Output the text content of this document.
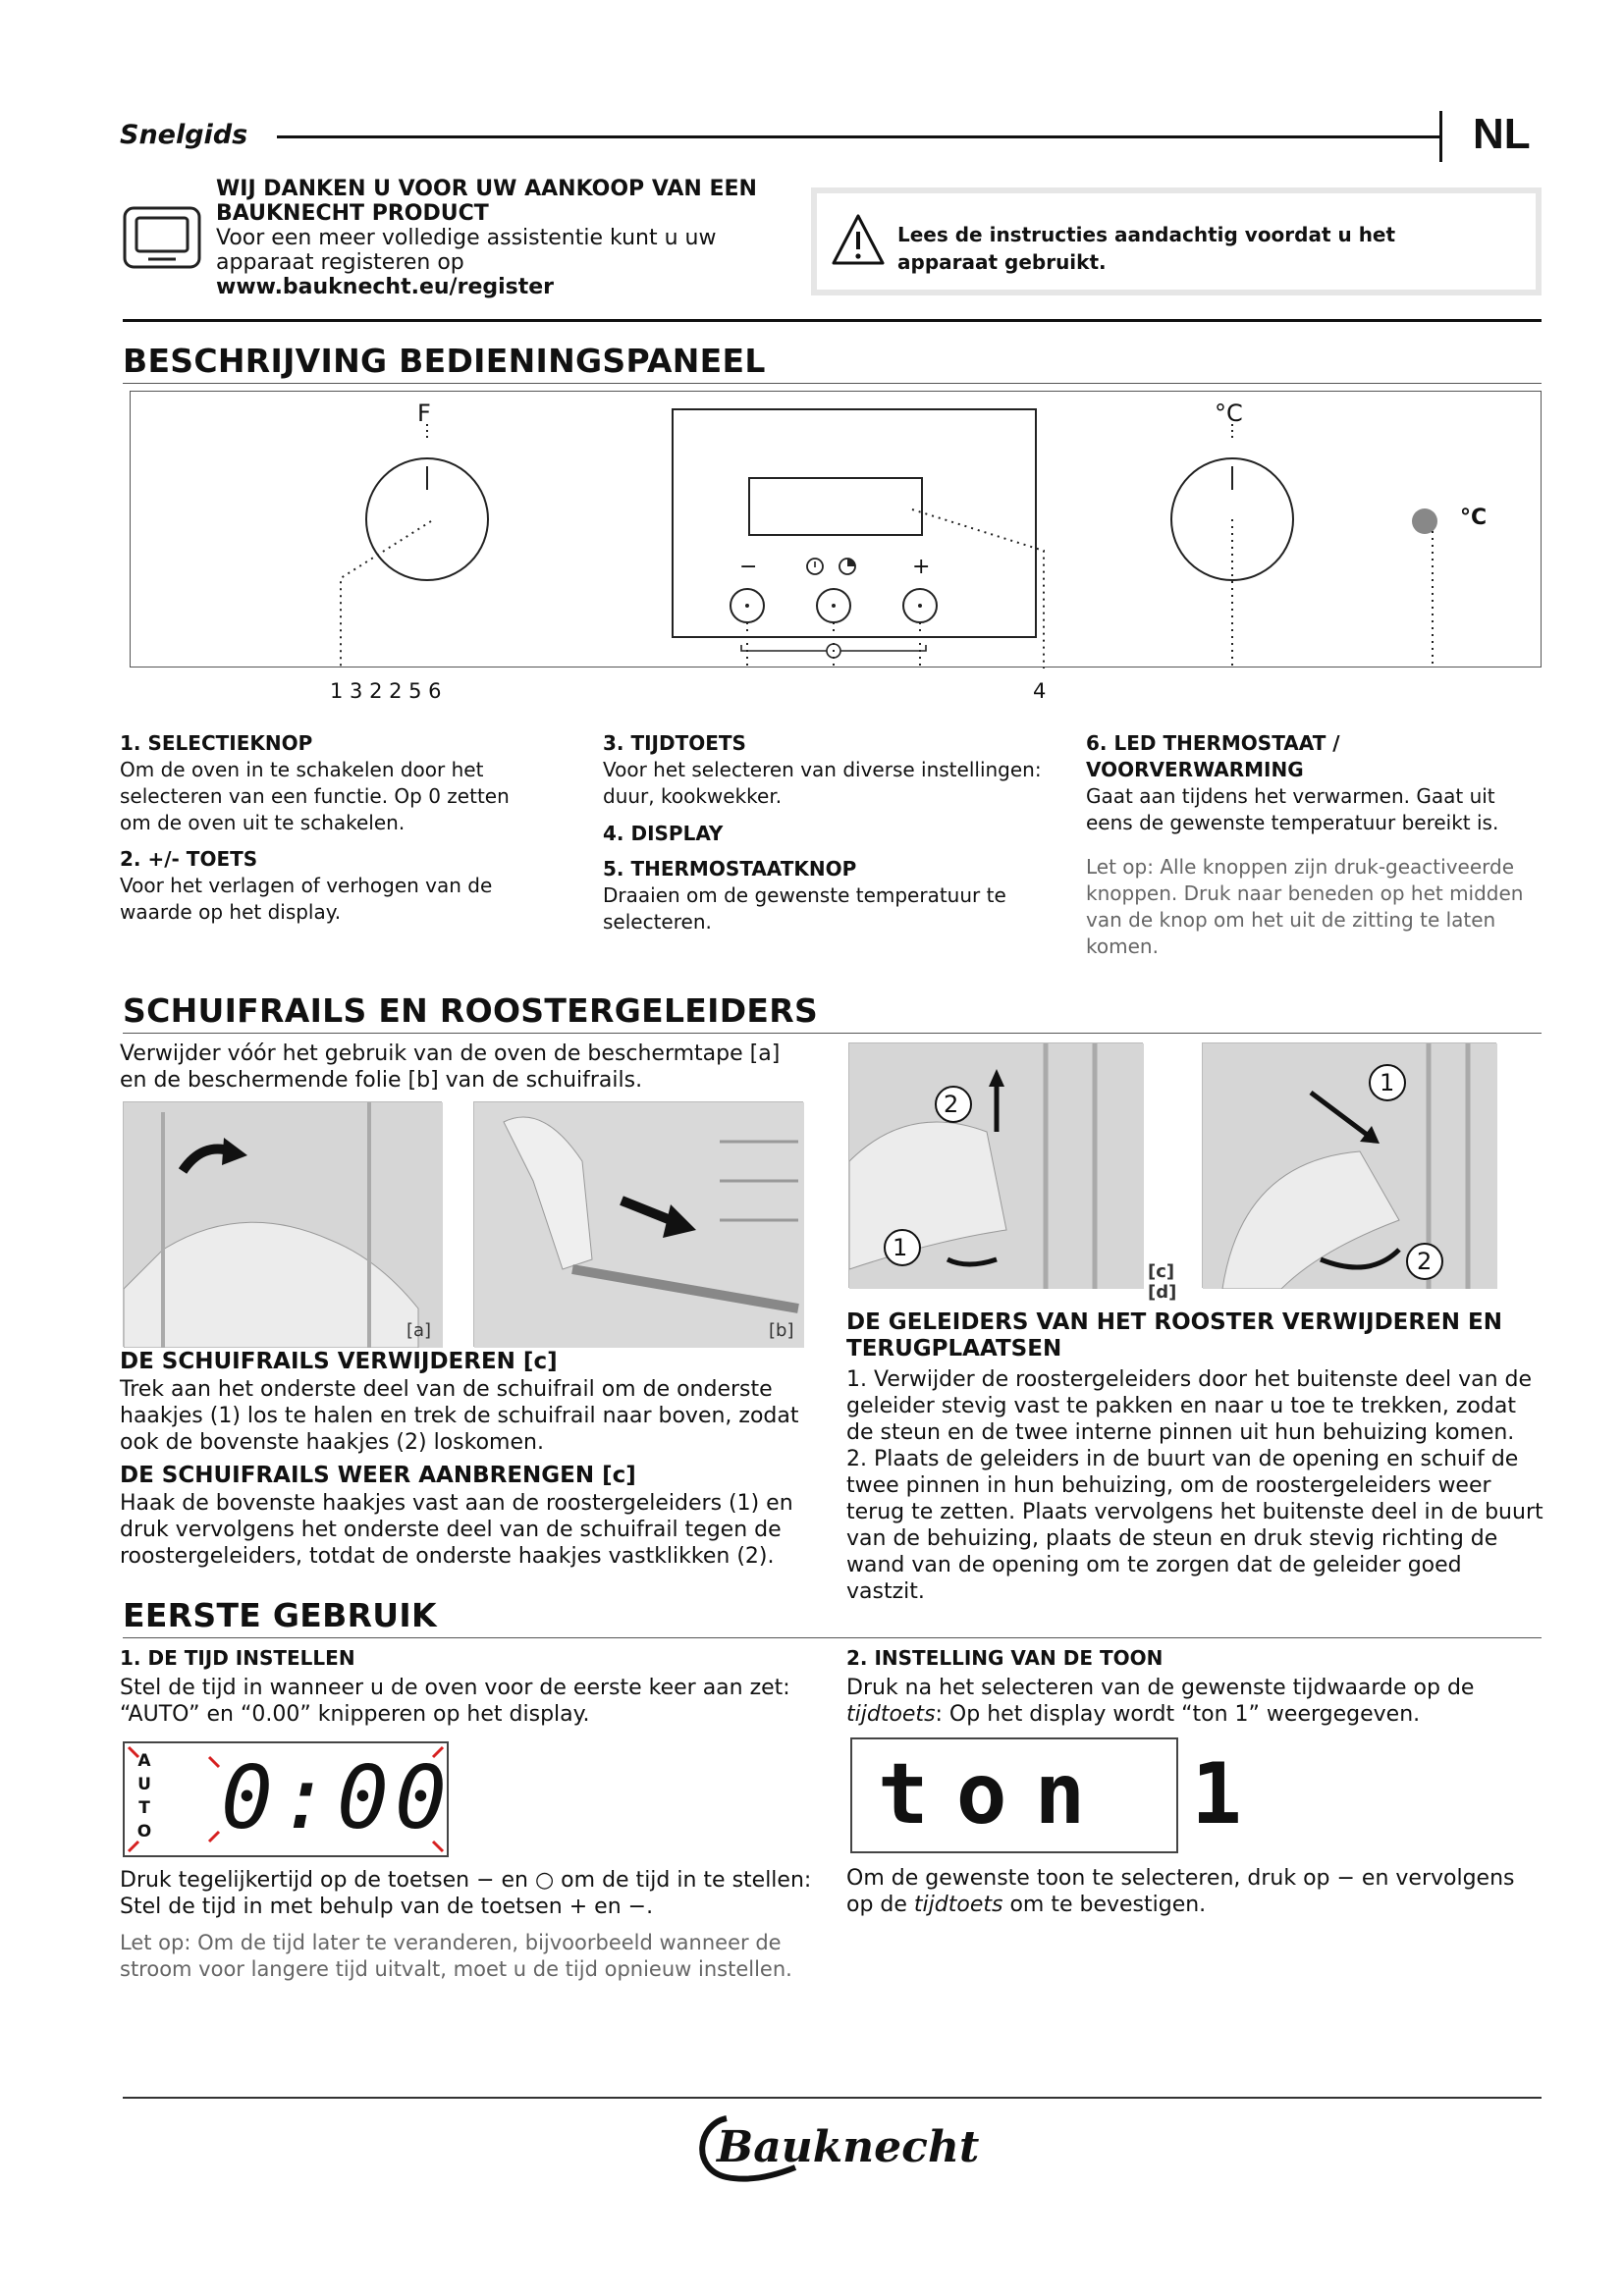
Snelgids	NL
WIJ DANKEN U VOOR UW AANKOOP VAN EEN BAUKNECHT PRODUCT
Voor een meer volledige assistentie kunt u uw apparaat registeren op
www.bauknecht.eu/register
Lees de instructies aandachtig voordat u het apparaat gebruikt.
BESCHRIJVING BEDIENINGSPANEEL
F	°C
°C
−	+
1 3 2 2 5 6	4
1. SELECTIEKNOP
Om de oven in te schakelen door het selecteren van een functie. Op 0 zetten om de oven uit te schakelen.
2. +/- TOETS
Voor het verlagen of verhogen van de waarde op het display.
3. TIJDTOETS
Voor het selecteren van diverse instellingen: duur, kookwekker.
4. DISPLAY
5. THERMOSTAATKNOP
Draaien om de gewenste temperatuur te selecteren.
6. LED THERMOSTAAT / VOORVERWARMING
Gaat aan tijdens het verwarmen. Gaat uit eens de gewenste temperatuur bereikt is.
Let op: Alle knoppen zijn druk-geactiveerde knoppen. Druk naar beneden op het midden van de knop om het uit de zitting te laten komen.
SCHUIFRAILS EN ROOSTERGELEIDERS
Verwijder vóór het gebruik van de oven de beschermtape [a] en de beschermende folie [b] van de schuifrails.
[a]	[b]
2
1
[c] [d]
1
2
DE SCHUIFRAILS VERWIJDEREN [c]
Trek aan het onderste deel van de schuifrail om de onderste haakjes (1) los te halen en trek de schuifrail naar boven, zodat ook de bovenste haakjes (2) loskomen.
DE SCHUIFRAILS WEER AANBRENGEN [c]
Haak de bovenste haakjes vast aan de roostergeleiders (1) en druk vervolgens het onderste deel van de schuifrail tegen de roostergeleiders, totdat de onderste haakjes vastklikken (2).
DE GELEIDERS VAN HET ROOSTER VERWIJDEREN EN TERUGPLAATSEN
1. Verwijder de roostergeleiders door het buitenste deel van de geleider stevig vast te pakken en naar u toe te trekken, zodat de steun en de twee interne pinnen uit hun behuizing komen.
2. Plaats de geleiders in de buurt van de opening en schuif de twee pinnen in hun behuizing, om de roostergeleiders weer terug te zetten. Plaats vervolgens het buitenste deel in de buurt van de behuizing, plaats de steun en druk stevig richting de wand van de opening om te zorgen dat de geleider goed vastzit.
EERSTE GEBRUIK
1. DE TIJD INSTELLEN
Stel de tijd in wanneer u de oven voor de eerste keer aan zet: “AUTO” en “0.00” knipperen op het display.
A
U
T
O 0:00
Druk tegelijkertijd op de toetsen − en ○ om de tijd in te stellen:
Stel de tijd in met behulp van de toetsen + en −.
Let op: Om de tijd later te veranderen, bijvoorbeeld wanneer de stroom voor langere tijd uitvalt, moet u de tijd opnieuw instellen.
2. INSTELLING VAN DE TOON
Druk na het selecteren van de gewenste tijdwaarde op de
tijdtoets: Op het display wordt “ton 1” weergegeven.
ton 1
Om de gewenste toon te selecteren, druk op − en vervolgens op de tijdtoets om te bevestigen.
Bauknecht
